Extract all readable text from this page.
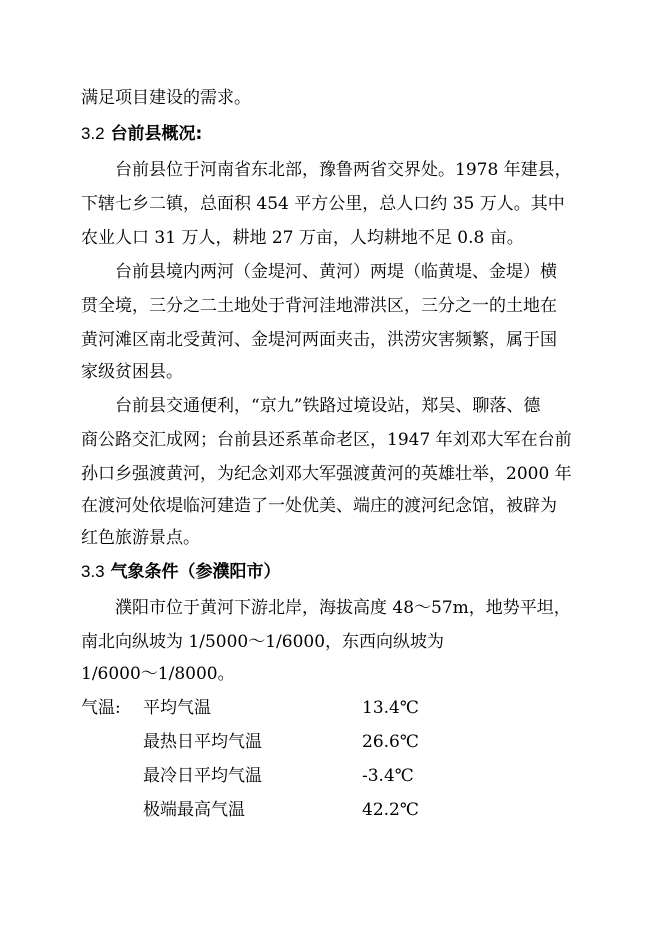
满足项目建设的需求。
3.2 台前县概况:
台前县位于河南省东北部，豫鲁两省交界处。1978 年建县，
下辖七乡二镇，总面积 454 平方公里，总人口约 35 万人。其中
农业人口 31 万人，耕地 27 万亩，人均耕地不足 0.8 亩。
台前县境内两河（金堤河、黄河）两堤（临黄堤、金堤）横
贯全境，三分之二土地处于背河洼地滞洪区，三分之一的土地在
黄河滩区南北受黄河、金堤河两面夹击，洪涝灾害频繁，属于国
家级贫困县。
台前县交通便利，“京九”铁路过境设站，郑吴、聊落、德
商公路交汇成网；台前县还系革命老区，1947 年刘邓大军在台前
孙口乡强渡黄河，为纪念刘邓大军强渡黄河的英雄壮举，2000 年
在渡河处依堤临河建造了一处优美、端庄的渡河纪念馆，被辟为
红色旅游景点。
3.3 气象条件（参濮阳市）
濮阳市位于黄河下游北岸，海拔高度 48～57m，地势平坦，
南北向纵坡为 1/5000～1/6000，东西向纵坡为
1/6000～1/8000。
气温: 平均气温	13.4℃
最热日平均气温	26.6℃
最冷日平均气温	-3.4℃
极端最高气温	42.2℃
